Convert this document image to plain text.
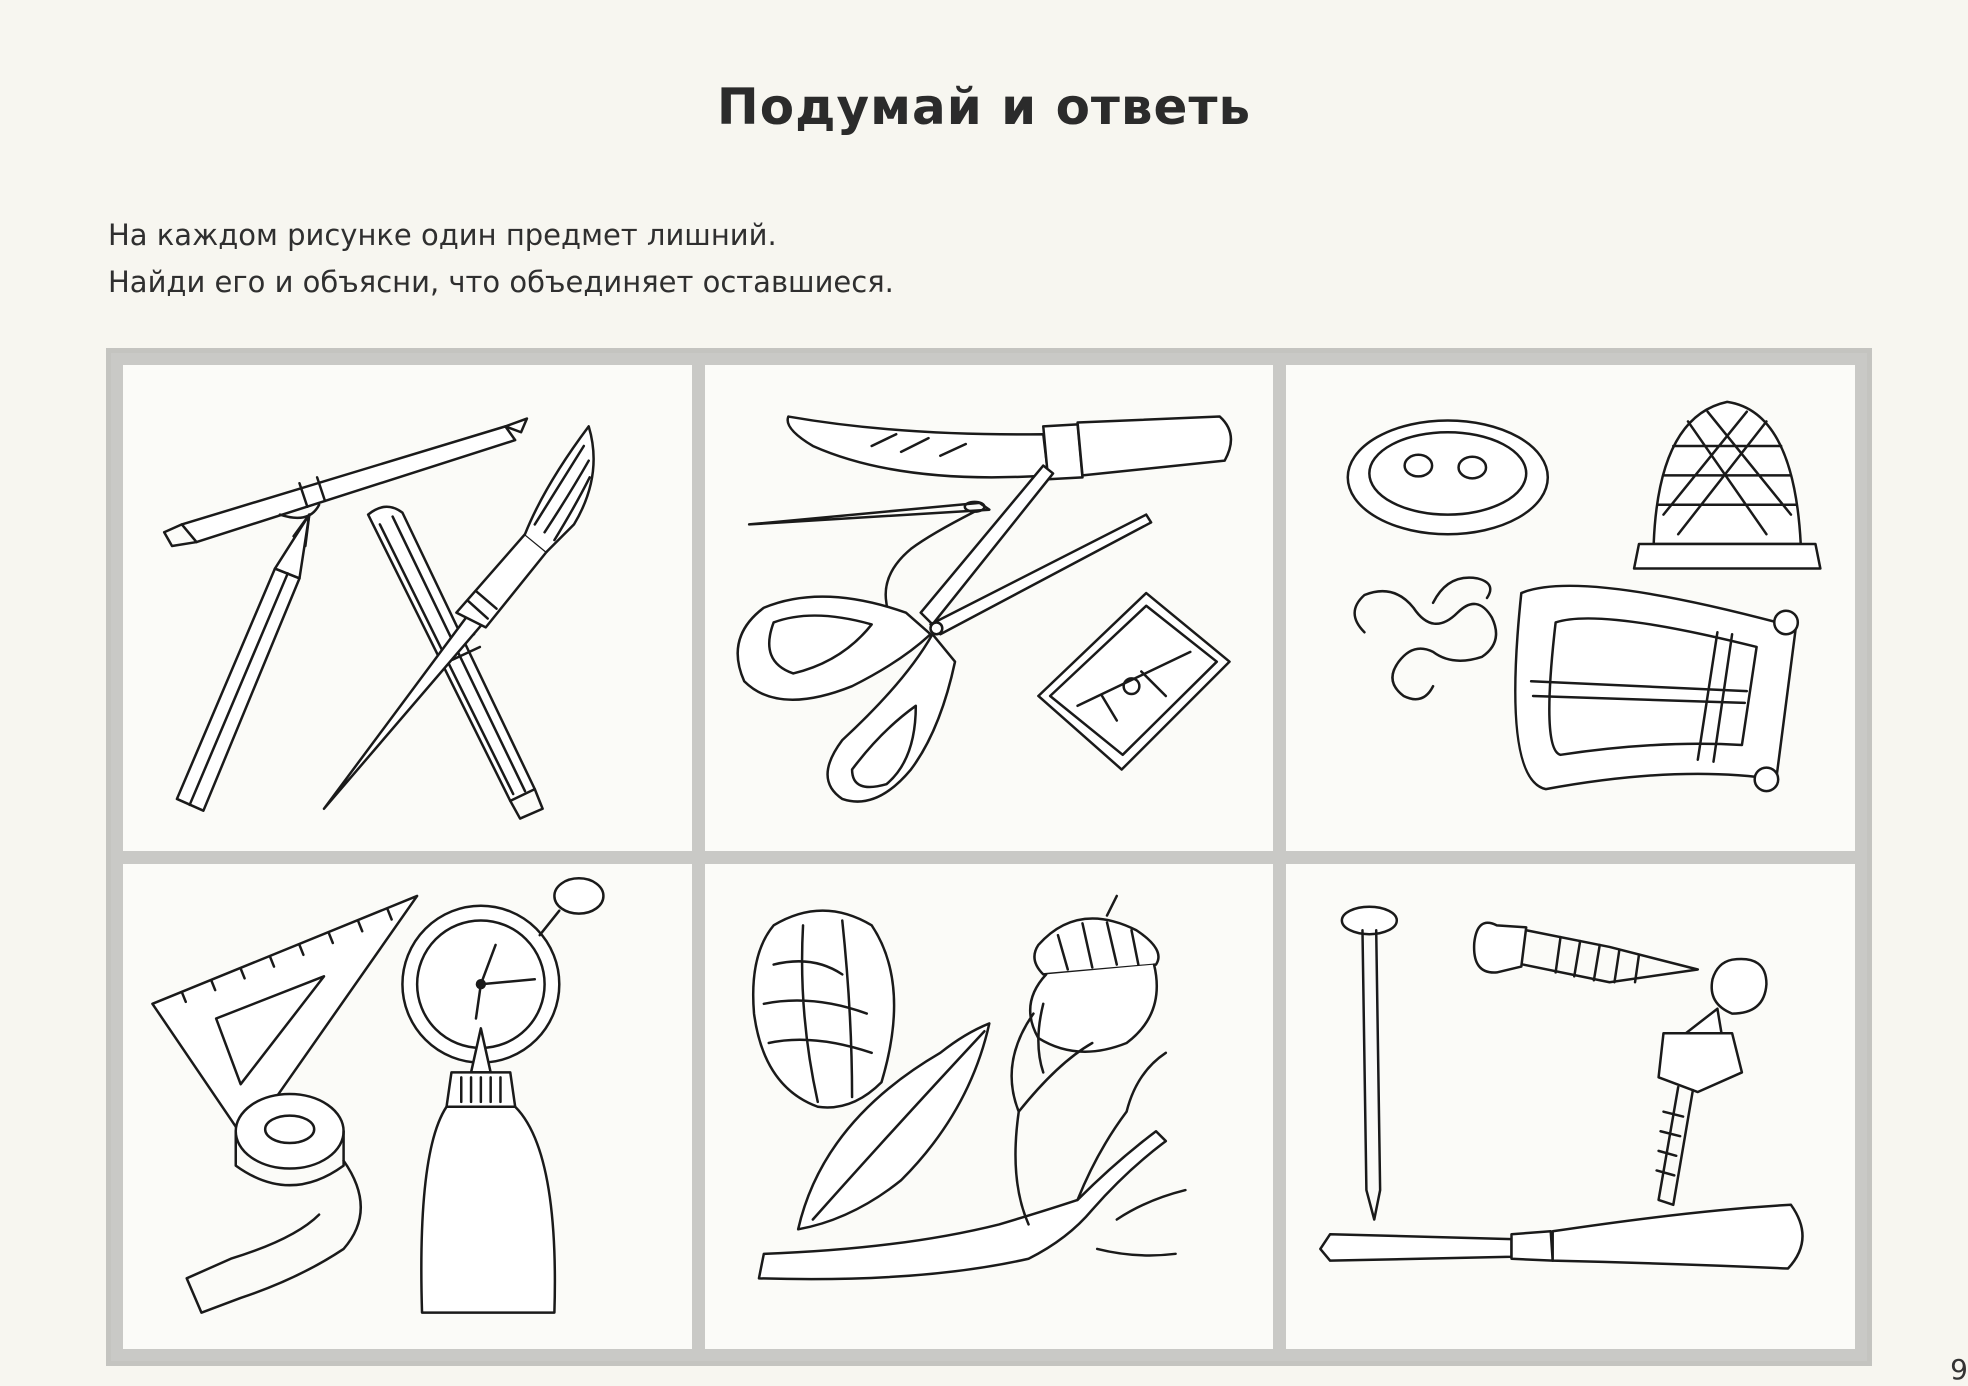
Подумай и ответь
На каждом рисунке один предмет лишний.
Найди его и объясни, что объединяет оставшиеся.
9
